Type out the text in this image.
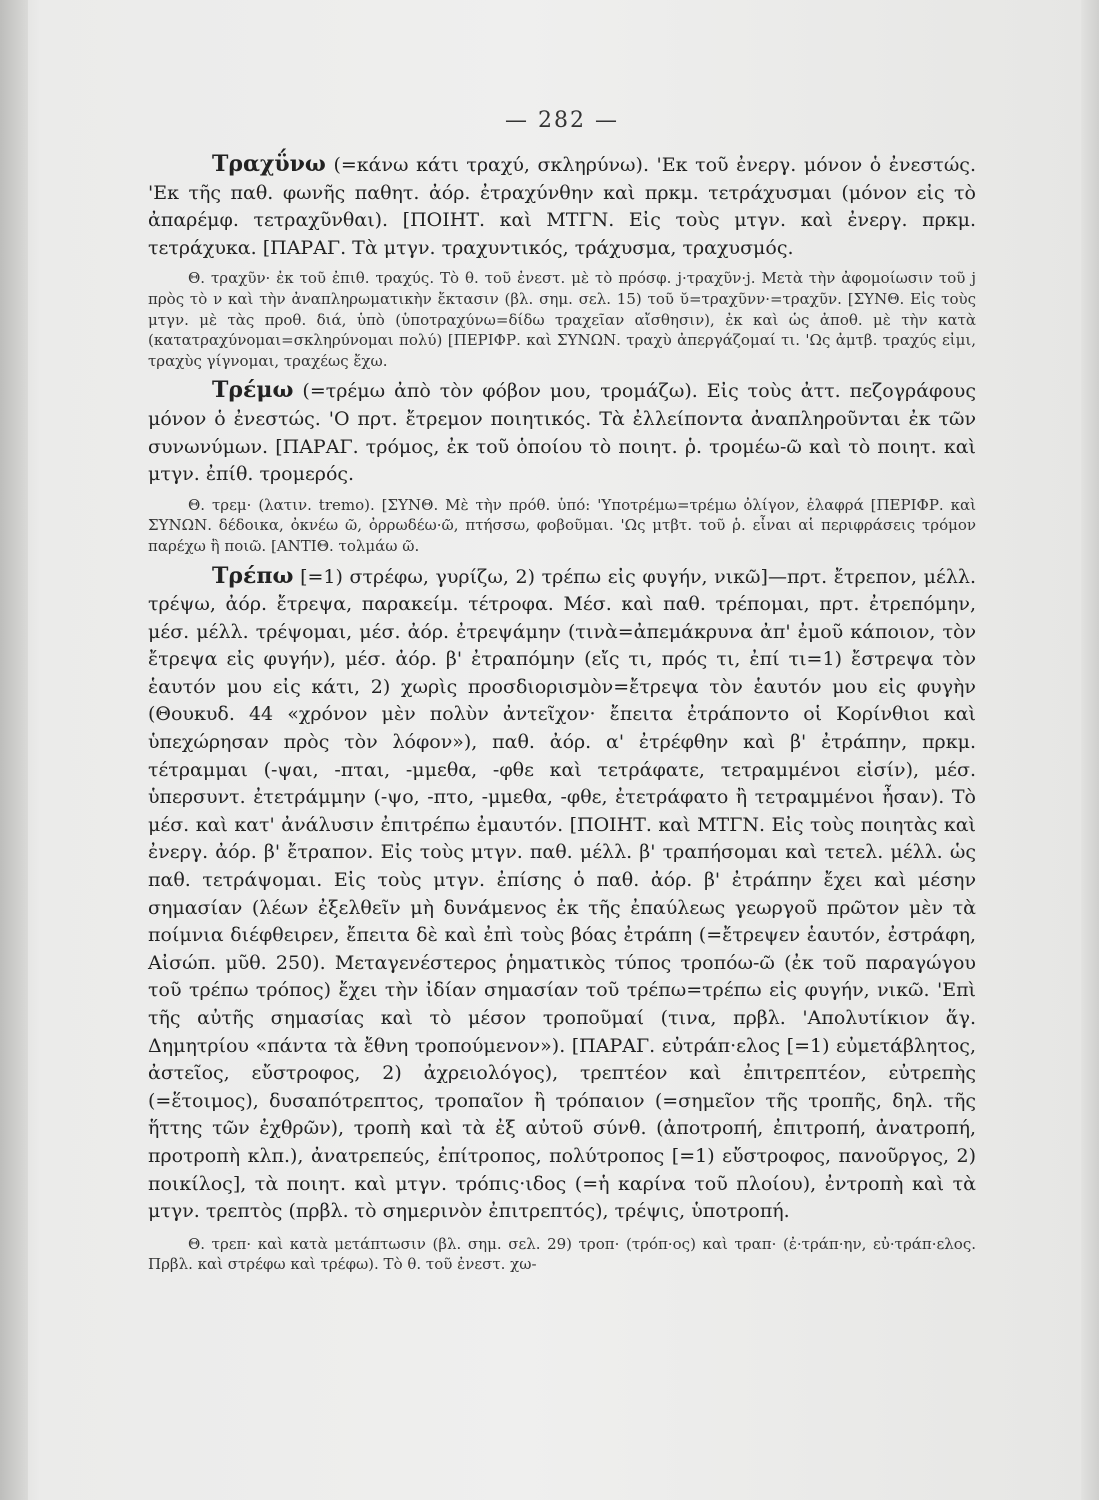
— 282 —

Τραχΰνω (=κάνω κάτι τραχύ, σκληρύνω). 'Εκ τοῦ ἐνεργ. μόνον ὁ ἐνεστώς. 'Εκ τῆς παθ. φωνῆς παθητ. ἀόρ. ἐτραχύνθην καὶ πρκμ. τετράχυσμαι (μόνον εἰς τὸ ἀπαρέμφ. τετραχῦνθαι). [ΠΟΙΗΤ. καὶ ΜΤΓΝ. Εἰς τοὺς μτγν. καὶ ἐνεργ. πρκμ. τετράχυκα. [ΠΑΡΑΓ. Τὰ μτγν. τραχυντικός, τράχυσμα, τραχυσμός.

Θ. τραχῦν· ἐκ τοῦ ἐπιθ. τραχύς. Τὸ θ. τοῦ ἐνεστ. μὲ τὸ πρόσφ. j·τραχῦν·j. Μετὰ τὴν ἀφομοίωσιν τοῦ j πρὸς τὸ ν καὶ τὴν ἀναπληρωματικὴν ἔκτασιν (βλ. σημ. σελ. 15) τοῦ ῠ=τραχῦνν·=τραχῦν. [ΣΥΝΘ. Εἰς τοὺς μτγν. μὲ τὰς προθ. διά, ὑπὸ (ὑποτραχύνω=δίδω τραχεῖαν αἴσθησιν), ἐκ καὶ ὡς ἀποθ. μὲ τὴν κατὰ (κατατραχύνομαι=σκληρύνομαι πολύ) [ΠΕΡΙΦΡ. καὶ ΣΥΝΩΝ. τραχὺ ἀπεργάζομαί τι. 'Ως ἀμτβ. τραχύς εἰμι, τραχὺς γίγνομαι, τραχέως ἔχω.

Τρέμω (=τρέμω ἀπὸ τὸν φόβον μου, τρομάζω). Εἰς τοὺς ἀττ. πεζογράφους μόνον ὁ ἐνεστώς. 'Ο πρτ. ἔτρεμον ποιητικός. Τὰ ἐλλείποντα ἀναπληροῦνται ἐκ τῶν συνωνύμων. [ΠΑΡΑΓ. τρόμος, ἐκ τοῦ ὁποίου τὸ ποιητ. ῥ. τρομέω-ῶ καὶ τὸ ποιητ. καὶ μτγν. ἐπίθ. τρομερός.

Θ. τρεμ· (λατιν. tremo). [ΣΥΝΘ. Μὲ τὴν πρόθ. ὑπό: 'Υποτρέμω=τρέμω ὀλίγον, ἐλαφρά [ΠΕΡΙΦΡ. καὶ ΣΥΝΩΝ. δέδοικα, ὀκνέω ῶ, ὀρρωδέω·ῶ, πτήσσω, φοβοῦμαι. 'Ως μτβτ. τοῦ ῥ. εἶναι αἱ περιφράσεις τρόμον παρέχω ἢ ποιῶ. [ΑΝΤΙΘ. τολμάω ῶ.

Τρέπω [=1) στρέφω, γυρίζω, 2) τρέπω εἰς φυγήν, νικῶ]—πρτ. ἔτρεπον, μέλλ. τρέψω, ἀόρ. ἔτρεψα, παρακείμ. τέτροφα. Μέσ. καὶ παθ. τρέπομαι, πρτ. ἐτρεπόμην, μέσ. μέλλ. τρέψομαι, μέσ. ἀόρ. ἐτρεψάμην (τινὰ=ἀπεμάκρυνα ἀπ' ἐμοῦ κάποιον, τὸν ἔτρεψα εἰς φυγήν), μέσ. ἀόρ. β' ἐτραπόμην (εἴς τι, πρός τι, ἐπί τι=1) ἔστρεψα τὸν ἑαυτόν μου εἰς κάτι, 2) χωρὶς προσδιορισμὸν=ἔτρεψα τὸν ἑαυτόν μου εἰς φυγὴν (Θουκυδ. 44 «χρόνον μὲν πολὺν ἀντεῖχον· ἔπειτα ἐτράποντο οἱ Κορίνθιοι καὶ ὑπεχώρησαν πρὸς τὸν λόφον»), παθ. ἀόρ. α' ἐτρέφθην καὶ β' ἐτράπην, πρκμ. τέτραμμαι (-ψαι, -πται, -μμεθα, -φθε καὶ τετράφατε, τετραμμένοι εἰσίν), μέσ. ὑπερσυντ. ἐτετράμμην (-ψο, -πτο, -μμεθα, -φθε, ἐτετράφατο ἢ τετραμμένοι ἦσαν). Τὸ μέσ. καὶ κατ' ἀνάλυσιν ἐπιτρέπω ἐμαυτόν. [ΠΟΙΗΤ. καὶ ΜΤΓΝ. Εἰς τοὺς ποιητὰς καὶ ἐνεργ. ἀόρ. β' ἔτραπον. Εἰς τοὺς μτγν. παθ. μέλλ. β' τραπήσομαι καὶ τετελ. μέλλ. ὡς παθ. τετράψομαι. Εἰς τοὺς μτγν. ἐπίσης ὁ παθ. ἀόρ. β' ἐτράπην ἔχει καὶ μέσην σημασίαν (λέων ἐξελθεῖν μὴ δυνάμενος ἐκ τῆς ἐπαύλεως γεωργοῦ πρῶτον μὲν τὰ ποίμνια διέφθειρεν, ἔπειτα δὲ καὶ ἐπὶ τοὺς βόας ἐτράπη (=ἔτρεψεν ἑαυτόν, ἐστράφη, Αἰσώπ. μῦθ. 250). Μεταγενέστερος ῥηματικὸς τύπος τροπόω-ῶ (ἐκ τοῦ παραγώγου τοῦ τρέπω τρόπος) ἔχει τὴν ἰδίαν σημασίαν τοῦ τρέπω=τρέπω εἰς φυγήν, νικῶ. 'Επὶ τῆς αὐτῆς σημασίας καὶ τὸ μέσον τροποῦμαί (τινα, πρβλ. 'Απολυτίκιον ἅγ. Δημητρίου «πάντα τὰ ἔθνη τροπούμενον»). [ΠΑΡΑΓ. εὐτράπ·ελος [=1) εὐμετάβλητος, ἀστεῖος, εὔστροφος, 2) ἀχρειολόγος), τρεπτέον καὶ ἐπιτρεπτέον, εὐτρεπὴς (=ἕτοιμος), δυσαπότρεπτος, τροπαῖον ἢ τρόπαιον (=σημεῖον τῆς τροπῆς, δηλ. τῆς ἥττης τῶν ἐχθρῶν), τροπὴ καὶ τὰ ἐξ αὐτοῦ σύνθ. (ἀποτροπή, ἐπιτροπή, ἀνατροπή, προτροπὴ κλπ.), ἀνατρεπεύς, ἐπίτροπος, πολύτροπος [=1) εὔστροφος, πανοῦργος, 2) ποικίλος], τὰ ποιητ. καὶ μτγν. τρόπις·ιδος (=ἡ καρίνα τοῦ πλοίου), ἐντροπὴ καὶ τὰ μτγν. τρεπτὸς (πρβλ. τὸ σημερινὸν ἐπιτρεπτός), τρέψις, ὑποτροπή.

Θ. τρεπ· καὶ κατὰ μετάπτωσιν (βλ. σημ. σελ. 29) τροπ· (τρόπ·ος) καὶ τραπ· (ἐ·τράπ·ην, εὐ·τράπ·ελος. Πρβλ. καὶ στρέφω καὶ τρέφω). Τὸ θ. τοῦ ἐνεστ. χω-
